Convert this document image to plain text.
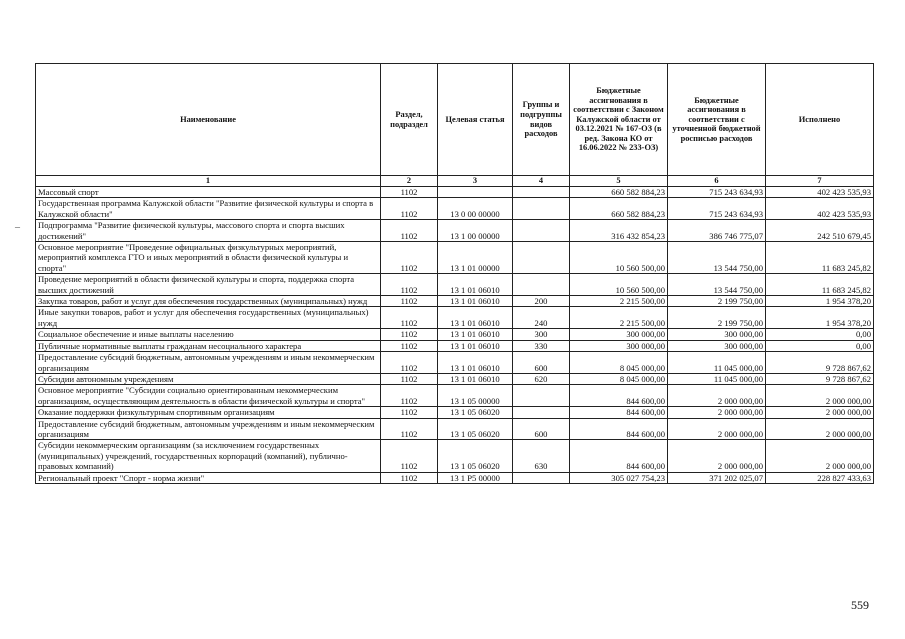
Наименование	Раздел, подраздел	Целевая статья	Группы и подгруппы видов расходов	Бюджетные ассигнования в соответствии с Законом Калужской области от 03.12.2021 № 167-ОЗ (в ред. Закона КО от 16.06.2022 № 233-ОЗ)	Бюджетные ассигнования в соответствии с уточненной бюджетной росписью расходов	Исполнено
1	2	3	4	5	6	7
Массовый спорт	1102			660 582 884,23	715 243 634,93	402 423 535,93
Государственная программа Калужской области "Развитие физической культуры и спорта в Калужской области"	1102	13 0 00 00000		660 582 884,23	715 243 634,93	402 423 535,93
Подпрограмма "Развитие физической культуры, массового спорта и спорта высших достижений"	1102	13 1 00 00000		316 432 854,23	386 746 775,07	242 510 679,45
Основное мероприятие "Проведение официальных физкультурных мероприятий, мероприятий комплекса ГТО и иных мероприятий в области физической культуры и спорта"	1102	13 1 01 00000		10 560 500,00	13 544 750,00	11 683 245,82
Проведение мероприятий в области физической культуры и спорта, поддержка спорта высших достижений	1102	13 1 01 06010		10 560 500,00	13 544 750,00	11 683 245,82
Закупка товаров, работ и услуг для обеспечения государственных (муниципальных) нужд	1102	13 1 01 06010	200	2 215 500,00	2 199 750,00	1 954 378,20
Иные закупки товаров, работ и услуг для обеспечения государственных (муниципальных) нужд	1102	13 1 01 06010	240	2 215 500,00	2 199 750,00	1 954 378,20
Социальное обеспечение и иные выплаты населению	1102	13 1 01 06010	300	300 000,00	300 000,00	0,00
Публичные нормативные выплаты гражданам несоциального характера	1102	13 1 01 06010	330	300 000,00	300 000,00	0,00
Предоставление субсидий бюджетным, автономным учреждениям и иным некоммерческим организациям	1102	13 1 01 06010	600	8 045 000,00	11 045 000,00	9 728 867,62
Субсидии автономным учреждениям	1102	13 1 01 06010	620	8 045 000,00	11 045 000,00	9 728 867,62
Основное мероприятие "Субсидии социально ориентированным некоммерческим организациям, осуществляющим деятельность в области физической культуры и спорта"	1102	13 1 05 00000		844 600,00	2 000 000,00	2 000 000,00
Оказание поддержки физкультурным спортивным организациям	1102	13 1 05 06020		844 600,00	2 000 000,00	2 000 000,00
Предоставление субсидий бюджетным, автономным учреждениям и иным некоммерческим организациям	1102	13 1 05 06020	600	844 600,00	2 000 000,00	2 000 000,00
Субсидии некоммерческим организациям (за исключением государственных (муниципальных) учреждений, государственных корпораций (компаний), публично-правовых компаний)	1102	13 1 05 06020	630	844 600,00	2 000 000,00	2 000 000,00
Региональный проект "Спорт - норма жизни"	1102	13 1 P5 00000		305 027 754,23	371 202 025,07	228 827 433,63
–
559
